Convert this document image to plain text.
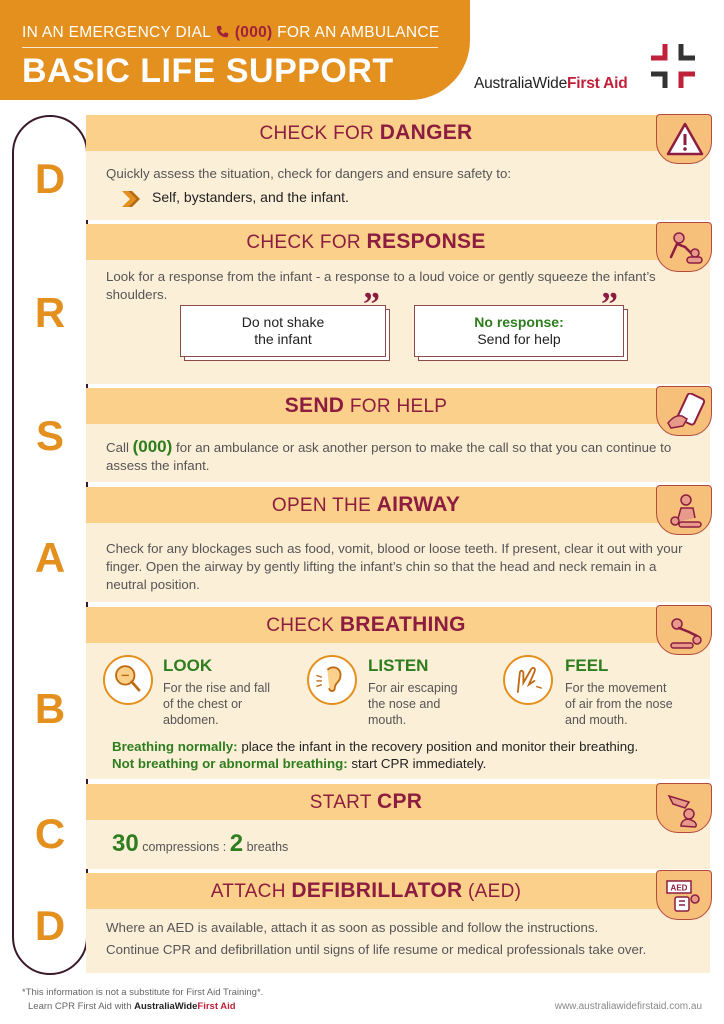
IN AN EMERGENCY DIAL (000) FOR AN AMBULANCE
BASIC LIFE SUPPORT	AustraliaWideFirst Aid
D
R
S
A
B
C
D
CHECK FOR DANGER
Quickly assess the situation, check for dangers and ensure safety to:
Self, bystanders, and the infant.
CHECK FOR RESPONSE
Look for a response from the infant - a response to a loud voice or gently squeeze the infant’s shoulders.
Do not shake
the infant
”	No response:
Send for help
”
SEND FOR HELP
Call (000) for an ambulance or ask another person to make the call so that you can continue to assess the infant.
OPEN THE AIRWAY
Check for any blockages such as food, vomit, blood or loose teeth. If present, clear it out with your finger. Open the airway by gently lifting the infant’s chin so that the head and neck remain in a neutral position.
CHECK BREATHING
LOOK
For the rise and fall of the chest or abdomen.
LISTEN
For air escaping the nose and mouth.
FEEL
For the movement of air from the nose and mouth.
Breathing normally: place the infant in the recovery position and monitor their breathing.
Not breathing or abnormal breathing: start CPR immediately.
START CPR
30 compressions : 2 breaths
ATTACH DEFIBRILLATOR (AED)	AED
Where an AED is available, attach it as soon as possible and follow the instructions.
Continue CPR and defibrillation until signs of life resume or medical professionals take over.
*This information is not a substitute for First Aid Training*.
Learn CPR First Aid with AustraliaWideFirst Aid	www.australiawidefirstaid.com.au
